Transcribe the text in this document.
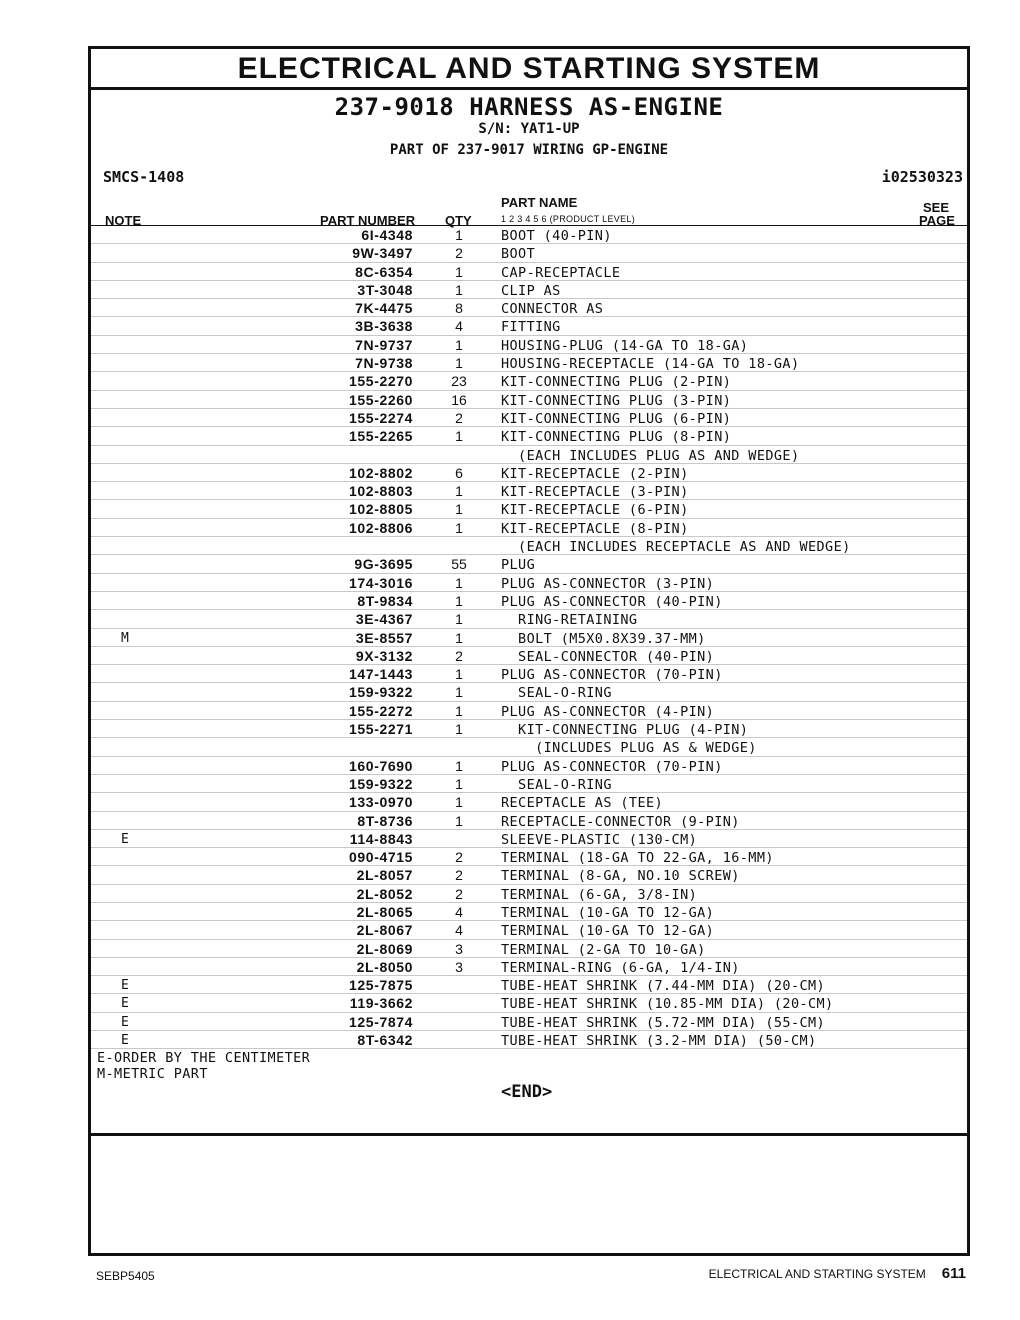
ELECTRICAL AND STARTING SYSTEM
237-9018 HARNESS AS-ENGINE
S/N: YAT1-UP
PART OF 237-9017 WIRING GP-ENGINE
SMCS-1408	i02530323
NOTE	PART NUMBER QTY
PART NAME
1 2 3 4 5 6 (PRODUCT LEVEL)
SEE
PAGE
6I-4348	1	BOOT (40-PIN)
9W-3497	2	BOOT
8C-6354	1	CAP-RECEPTACLE
3T-3048	1	CLIP AS
7K-4475	8	CONNECTOR AS
3B-3638	4	FITTING
7N-9737	1	HOUSING-PLUG (14-GA TO 18-GA)
7N-9738	1	HOUSING-RECEPTACLE (14-GA TO 18-GA)
155-2270	23	KIT-CONNECTING PLUG (2-PIN)
155-2260	16	KIT-CONNECTING PLUG (3-PIN)
155-2274	2	KIT-CONNECTING PLUG (6-PIN)
155-2265	1	KIT-CONNECTING PLUG (8-PIN)
(EACH INCLUDES PLUG AS AND WEDGE)
102-8802	6	KIT-RECEPTACLE (2-PIN)
102-8803	1	KIT-RECEPTACLE (3-PIN)
102-8805	1	KIT-RECEPTACLE (6-PIN)
102-8806	1	KIT-RECEPTACLE (8-PIN)
(EACH INCLUDES RECEPTACLE AS AND WEDGE)
9G-3695	55	PLUG
174-3016	1	PLUG AS-CONNECTOR (3-PIN)
8T-9834	1	PLUG AS-CONNECTOR (40-PIN)
3E-4367	1	RING-RETAINING
M	3E-8557	1	BOLT (M5X0.8X39.37-MM)
9X-3132	2	SEAL-CONNECTOR (40-PIN)
147-1443	1	PLUG AS-CONNECTOR (70-PIN)
159-9322	1	SEAL-O-RING
155-2272	1	PLUG AS-CONNECTOR (4-PIN)
155-2271	1	KIT-CONNECTING PLUG (4-PIN)
(INCLUDES PLUG AS & WEDGE)
160-7690	1	PLUG AS-CONNECTOR (70-PIN)
159-9322	1	SEAL-O-RING
133-0970	1	RECEPTACLE AS (TEE)
8T-8736	1	RECEPTACLE-CONNECTOR (9-PIN)
E	114-8843	SLEEVE-PLASTIC (130-CM)
090-4715	2	TERMINAL (18-GA TO 22-GA, 16-MM)
2L-8057	2	TERMINAL (8-GA, NO.10 SCREW)
2L-8052	2	TERMINAL (6-GA, 3/8-IN)
2L-8065	4	TERMINAL (10-GA TO 12-GA)
2L-8067	4	TERMINAL (10-GA TO 12-GA)
2L-8069	3	TERMINAL (2-GA TO 10-GA)
2L-8050	3	TERMINAL-RING (6-GA, 1/4-IN)
E	125-7875	TUBE-HEAT SHRINK (7.44-MM DIA) (20-CM)
E	119-3662	TUBE-HEAT SHRINK (10.85-MM DIA) (20-CM)
E	125-7874	TUBE-HEAT SHRINK (5.72-MM DIA) (55-CM)
E	8T-6342	TUBE-HEAT SHRINK (3.2-MM DIA) (50-CM)
E-ORDER BY THE CENTIMETER
M-METRIC PART
<END>
SEBP5405	ELECTRICAL AND STARTING SYSTEM 611
